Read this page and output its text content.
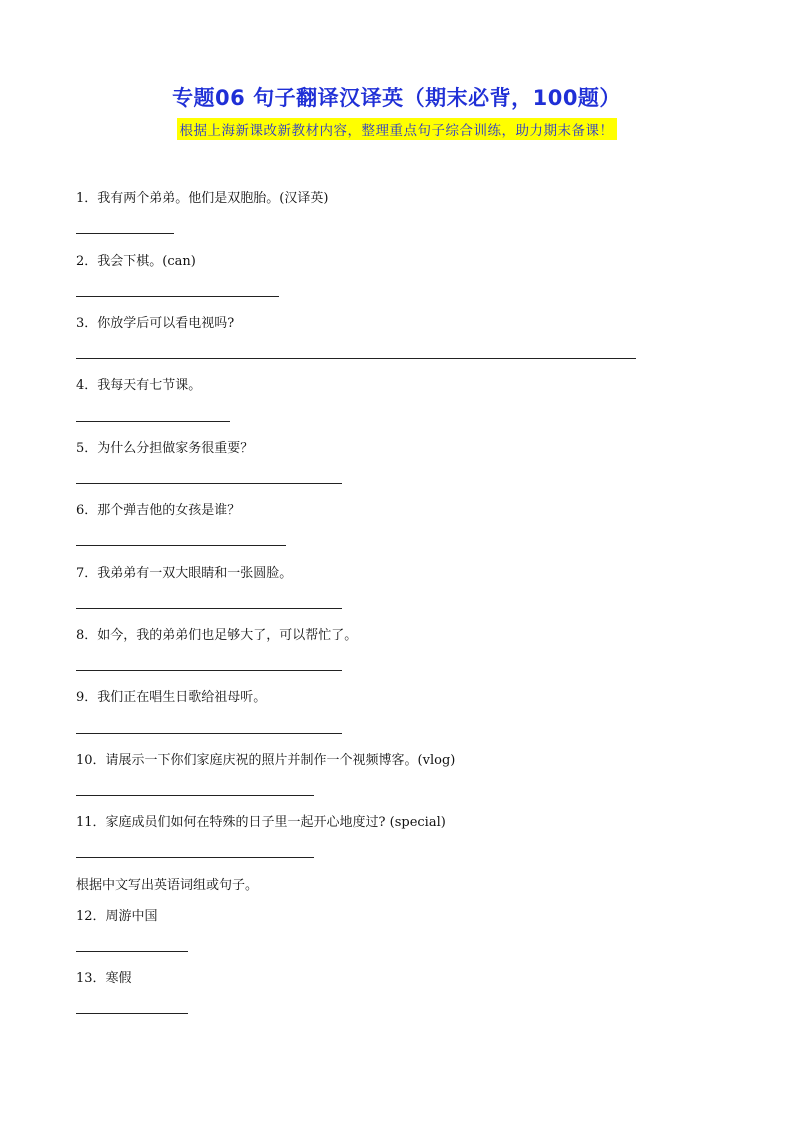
专题06 句子翻译汉译英（期末必背，100题）
根据上海新课改新教材内容，整理重点句子综合训练，助力期末备课！
1．我有两个弟弟。他们是双胞胎。(汉译英)
2．我会下棋。(can)
3．你放学后可以看电视吗?
4．我每天有七节课。
5．为什么分担做家务很重要？
6．那个弹吉他的女孩是谁？
7．我弟弟有一双大眼睛和一张圆脸。
8．如今，我的弟弟们也足够大了，可以帮忙了。
9．我们正在唱生日歌给祖母听。
10．请展示一下你们家庭庆祝的照片并制作一个视频博客。(vlog)
11．家庭成员们如何在特殊的日子里一起开心地度过? (special)
根据中文写出英语词组或句子。
12．周游中国
13．寒假
